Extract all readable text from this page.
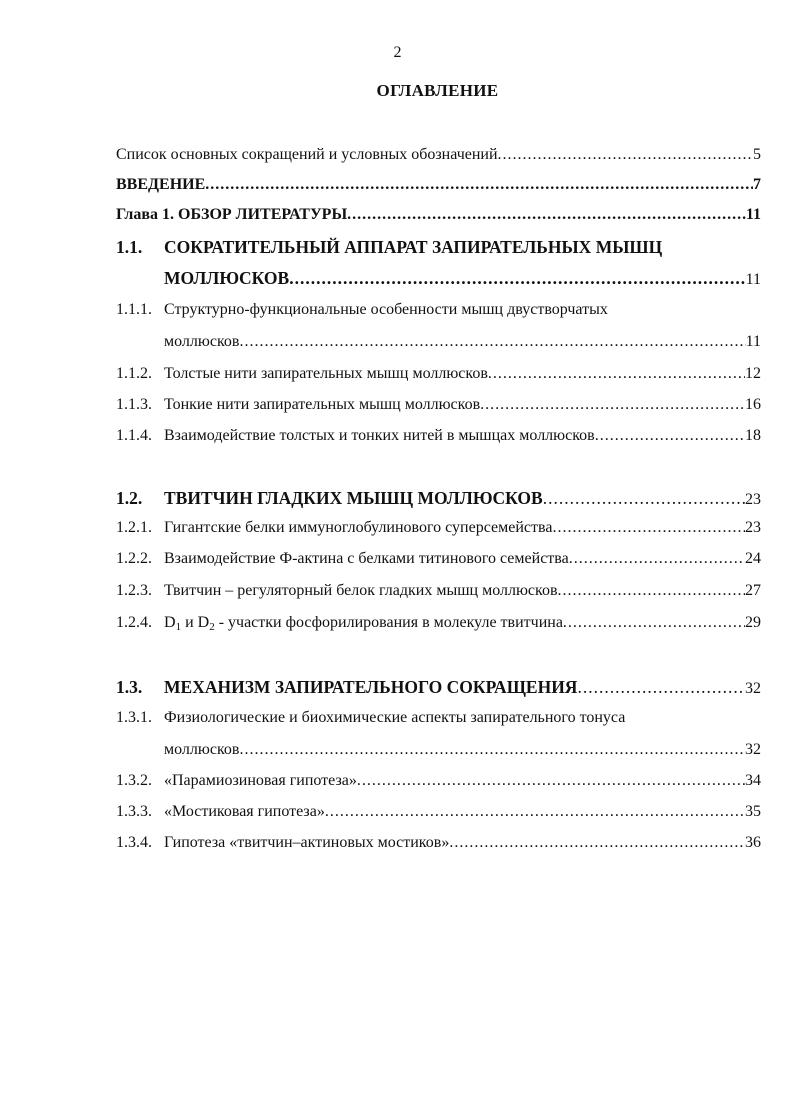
2
ОГЛАВЛЕНИЕ
Список основных сокращений и условных обозначений .....	5
ВВЕДЕНИЕ .....	7
Глава 1. ОБЗОР ЛИТЕРАТУРЫ .....	11
1.1. СОКРАТИТЕЛЬНЫЙ АППАРАТ ЗАПИРАТЕЛЬНЫХ МЫШЦ
МОЛЛЮСКОВ .....	11
1.1.1. Структурно-функциональные особенности мышц двустворчатых
моллюсков .....	11
1.1.2. Толстые нити запирательных мышц моллюсков .....	12
1.1.3. Тонкие нити запирательных мышц моллюсков .....	16
1.1.4. Взаимодействие толстых и тонких нитей в мышцах моллюсков .....	18
1.2.	ТВИТЧИН ГЛАДКИХ МЫШЦ МОЛЛЮСКОВ .....	23
1.2.1. Гигантские белки иммуноглобулинового суперсемейства .....	23
1.2.2. Взаимодействие Ф-актина с белками титинового семейства .....	24
1.2.3. Твитчин – регуляторный белок гладких мышц моллюсков .....	27
1.2.4. $D_1$ и $D_2$ - участки фосфорилирования в молекуле твитчина .....	29
1.3.	МЕХАНИЗМ ЗАПИРАТЕЛЬНОГО СОКРАЩЕНИЯ .....	32
1.3.1. Физиологические и биохимические аспекты запирательного тонуса
моллюсков .....	32
1.3.2. «Парамиозиновая гипотеза» .....	34
1.3.3. «Мостиковая гипотеза» .....	35
1.3.4. Гипотеза «твитчин–актиновых мостиков» .....	36
